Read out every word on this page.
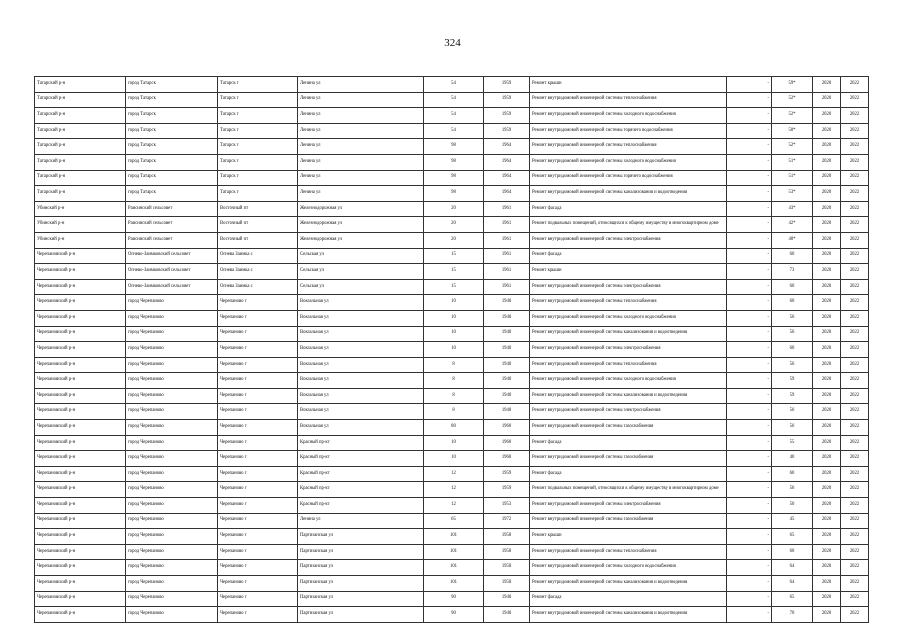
324
Татарский р-н	город Татарск	Татарск г	Ленина ул	54	1959	Ремонт крыши	-	59*	2020	2022
Татарский р-н	город Татарск	Татарск г	Ленина ул	54	1959	Ремонт внутридомовой инженерной системы теплоснабжения	-	52*	2020	2022
Татарский р-н	город Татарск	Татарск г	Ленина ул	54	1959	Ремонт внутридомовой инженерной системы холодного водоснабжения	-	52*	2020	2022
Татарский р-н	город Татарск	Татарск г	Ленина ул	54	1959	Ремонт внутридомовой инженерной системы горячего водоснабжения	-	50*	2020	2022
Татарский р-н	город Татарск	Татарск г	Ленина ул	98	1964	Ремонт внутридомовой инженерной системы теплоснабжения	-	52*	2020	2022
Татарский р-н	город Татарск	Татарск г	Ленина ул	98	1964	Ремонт внутридомовой инженерной системы холодного водоснабжения	-	51*	2020	2022
Татарский р-н	город Татарск	Татарск г	Ленина ул	98	1964	Ремонт внутридомовой инженерной системы горячего водоснабжения	-	51*	2020	2022
Татарский р-н	город Татарск	Татарск г	Ленина ул	98	1964	Ремонт внутридомовой инженерной системы канализования и водоотведения	-	53*	2020	2022
Убинский р-н	Раисинский сельсовет	Восточный пт	Железнодорожная ул	20	1961	Ремонт фасада	-	43*	2020	2022
Убинский р-н	Раисинский сельсовет	Восточный пт	Железнодорожная ул	20	1961	Ремонт подвальных помещений, относящихся к общему имуществу в многоквартирном доме	-	42*	2020	2022
Убинский р-н	Раисинский сельсовет	Восточный пт	Железнодорожная ул	20	1961	Ремонт внутридомовой инженерной системы электроснабжения	-	40*	2020	2022
Черепановский р-н	Огнево-Заимковский сельсовет	Огнева Заимка с	Сельская ул	15	1961	Ремонт фасада	-	60	2020	2022
Черепановский р-н	Огнево-Заимковский сельсовет	Огнева Заимка с	Сельская ул	15	1961	Ремонт крыши	-	73	2020	2022
Черепановский р-н	Огнево-Заимковский сельсовет	Огнева Заимка с	Сельская ул	15	1961	Ремонт внутридомовой инженерной системы электроснабжения	-	60	2020	2022
Черепановский р-н	город Черепаново	Черепаново г	Вокзальная ул	10	1940	Ремонт внутридомовой инженерной системы теплоснабжения	-	60	2020	2022
Черепановский р-н	город Черепаново	Черепаново г	Вокзальная ул	10	1940	Ремонт внутридомовой инженерной системы холодного водоснабжения	-	56	2020	2022
Черепановский р-н	город Черепаново	Черепаново г	Вокзальная ул	10	1940	Ремонт внутридомовой инженерной системы канализования и водоотведения	-	56	2020	2022
Черепановский р-н	город Черепаново	Черепаново г	Вокзальная ул	10	1940	Ремонт внутридомовой инженерной системы электроснабжения	-	60	2020	2022
Черепановский р-н	город Черепаново	Черепаново г	Вокзальная ул	8	1940	Ремонт внутридомовой инженерной системы теплоснабжения	-	56	2020	2022
Черепановский р-н	город Черепаново	Черепаново г	Вокзальная ул	8	1940	Ремонт внутридомовой инженерной системы холодного водоснабжения	-	59	2020	2022
Черепановский р-н	город Черепаново	Черепаново г	Вокзальная ул	8	1940	Ремонт внутридомовой инженерной системы канализования и водоотведения	-	59	2020	2022
Черепановский р-н	город Черепаново	Черепаново г	Вокзальная ул	8	1940	Ремонт внутридомовой инженерной системы электроснабжения	-	56	2020	2022
Черепановский р-н	город Черепаново	Черепаново г	Вокзальная ул	80	1960	Ремонт внутридомовой инженерной системы газоснабжения	-	56	2020	2022
Черепановский р-н	город Черепаново	Черепаново г	Красный пр-кт	10	1960	Ремонт фасада	-	55	2020	2022
Черепановский р-н	город Черепаново	Черепаново г	Красный пр-кт	10	1960	Ремонт внутридомовой инженерной системы газоснабжения	-	40	2020	2022
Черепановский р-н	город Черепаново	Черепаново г	Красный пр-кт	12	1959	Ремонт фасада	-	60	2020	2022
Черепановский р-н	город Черепаново	Черепаново г	Красный пр-кт	12	1959	Ремонт подвальных помещений, относящихся к общему имуществу в многоквартирном доме	-	56	2020	2022
Черепановский р-н	город Черепаново	Черепаново г	Красный пр-кт	12	1953	Ремонт внутридомовой инженерной системы электроснабжения	-	50	2020	2022
Черепановский р-н	город Черепаново	Черепаново г	Ленина ул	65	1972	Ремонт внутридомовой инженерной системы газоснабжения	-	45	2020	2022
Черепановский р-н	город Черепаново	Черепаново г	Партизанская ул	101	1958	Ремонт крыши	-	65	2020	2022
Черепановский р-н	город Черепаново	Черепаново г	Партизанская ул	101	1958	Ремонт внутридомовой инженерной системы теплоснабжения	-	60	2020	2022
Черепановский р-н	город Черепаново	Черепаново г	Партизанская ул	101	1958	Ремонт внутридомовой инженерной системы холодного водоснабжения	-	64	2020	2022
Черепановский р-н	город Черепаново	Черепаново г	Партизанская ул	101	1958	Ремонт внутридомовой инженерной системы канализования и водоотведения	-	64	2020	2022
Черепановский р-н	город Черепаново	Черепаново г	Партизанская ул	90	1940	Ремонт фасада	-	65	2020	2022
Черепановский р-н	город Черепаново	Черепаново г	Партизанская ул	90	1940	Ремонт внутридомовой инженерной системы канализования и водоотведения	-	70	2020	2022
